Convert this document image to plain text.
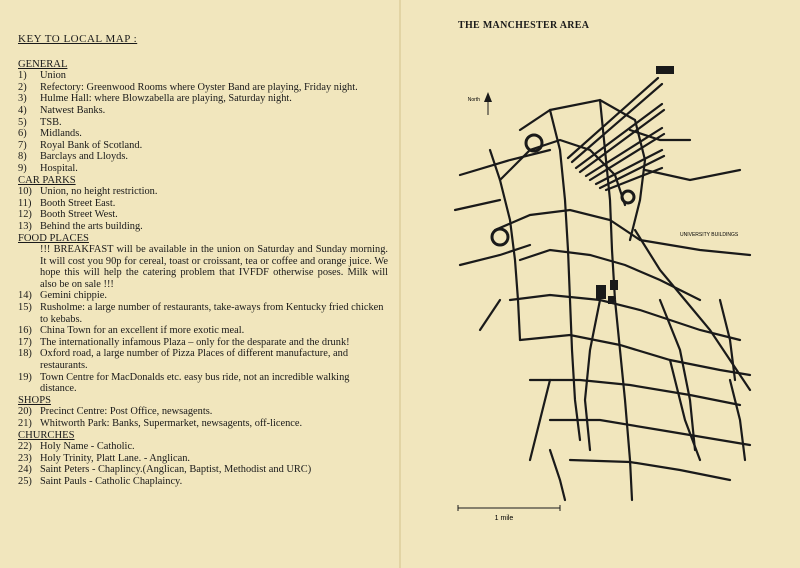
KEY TO LOCAL MAP :
GENERAL
1)	Union
2)	Refectory: Greenwood Rooms where Oyster Band are playing, Friday night.
3)	Hulme Hall: where Blowzabella are playing, Saturday night.
4)	Natwest Banks.
5)	TSB.
6)	Midlands.
7)	Royal Bank of Scotland.
8)	Barclays and Lloyds.
9)	Hospital.
CAR PARKS
10) Union, no height restriction.
11) Booth Street East.
12) Booth Street West.
13) Behind the arts building.
FOOD PLACES
!!! BREAKFAST will be available in the union on Saturday and Sunday morning. It will cost you 90p for cereal, toast or croissant, tea or coffee and orange juice. We hope this will help the catering problem that IVFDF otherwise poses. Milk will also be on sale !!!
14) Gemini chippie.
15) Rusholme: a large number of restaurants, take-aways from Kentucky fried chicken to kebabs.
16) China Town for an excellent if more exotic meal.
17) The internationally infamous Plaza – only for the desparate and the drunk!
18) Oxford road, a large number of Pizza Places of different manufacture, and restaurants.
19) Town Centre for MacDonalds etc. easy bus ride, not an incredible walking distance.
SHOPS
20) Precinct Centre: Post Office, newsagents.
21) Whitworth Park: Banks, Supermarket, newsagents, off-licence.
CHURCHES
22) Holy Name - Catholic.
23) Holy Trinity, Platt Lane. - Anglican.
24) Saint Peters - Chaplincy.(Anglican, Baptist, Methodist and URC)
25) Saint Pauls - Catholic Chaplaincy.
THE MANCHESTER AREA
North
UNIVERSITY BUILDINGS
1 mile
